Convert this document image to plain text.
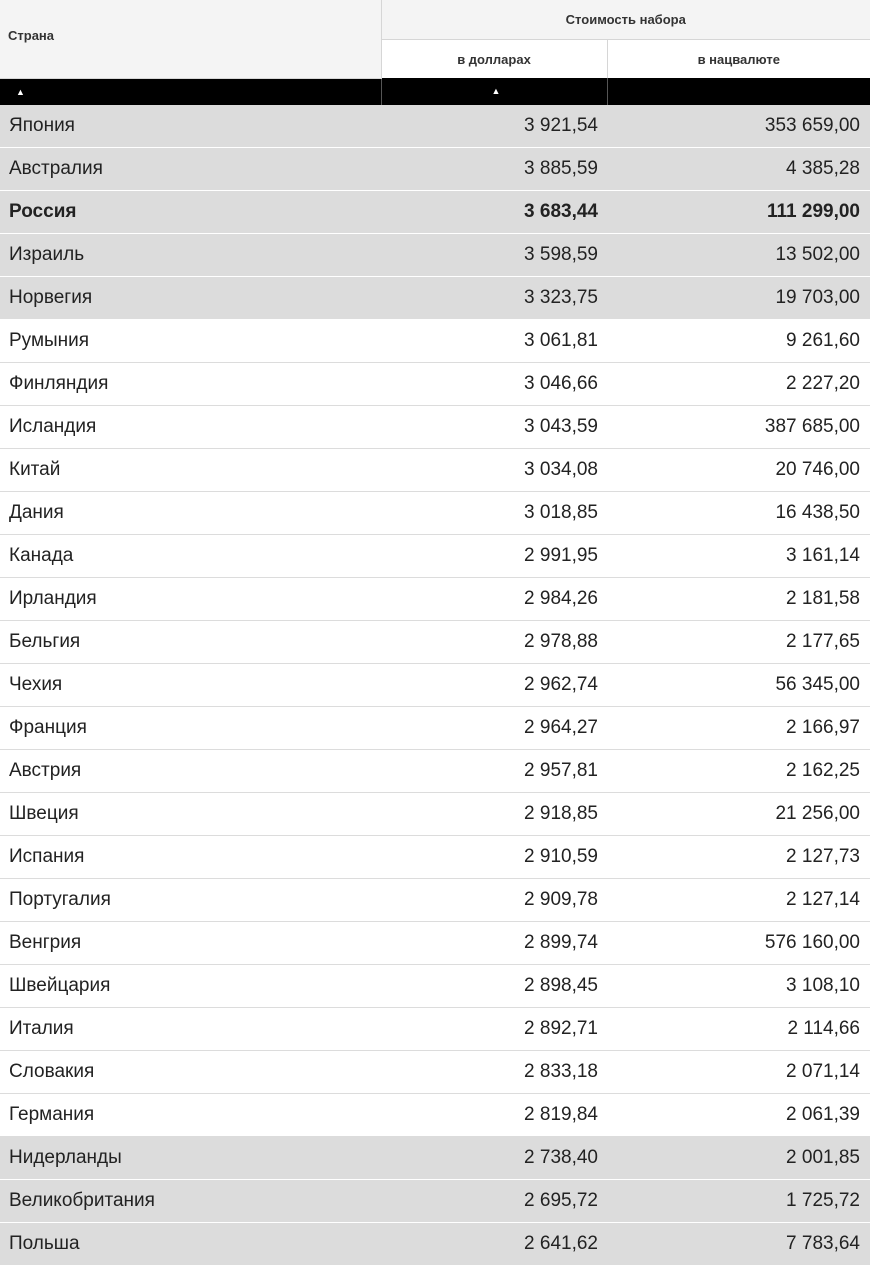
Страна	Стоимость набора	
	в долларах	в нацвалюте
▲	▲	
Япония	3 921,54	353 659,00
Австралия	3 885,59	4 385,28
Россия	3 683,44	111 299,00
Израиль	3 598,59	13 502,00
Норвегия	3 323,75	19 703,00
Румыния	3 061,81	9 261,60
Финляндия	3 046,66	2 227,20
Исландия	3 043,59	387 685,00
Китай	3 034,08	20 746,00
Дания	3 018,85	16 438,50
Канада	2 991,95	3 161,14
Ирландия	2 984,26	2 181,58
Бельгия	2 978,88	2 177,65
Чехия	2 962,74	56 345,00
Франция	2 964,27	2 166,97
Австрия	2 957,81	2 162,25
Швеция	2 918,85	21 256,00
Испания	2 910,59	2 127,73
Португалия	2 909,78	2 127,14
Венгрия	2 899,74	576 160,00
Швейцария	2 898,45	3 108,10
Италия	2 892,71	2 114,66
Словакия	2 833,18	2 071,14
Германия	2 819,84	2 061,39
Нидерланды	2 738,40	2 001,85
Великобритания	2 695,72	1 725,72
Польша	2 641,62	7 783,64
